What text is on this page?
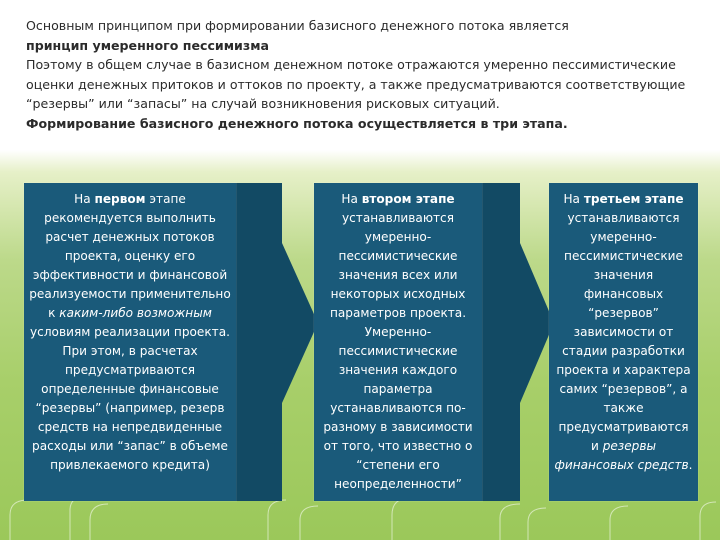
Основным принципом при формировании базисного денежного потока является

принцип умеренного пессимизма

Поэтому в общем случае в базисном денежном потоке отражаются умеренно пессимистические оценки денежных притоков и оттоков по проекту, а также предусматриваются соответствующие “резервы” или “запасы” на случай возникновения рисковых ситуаций.

Формирование базисного денежного потока осуществляется в три этапа.

На первом этапе рекомендуется выполнить расчет денежных потоков проекта, оценку его эффективности и финансовой реализуемости применительно к каким-либо возможным условиям реализации проекта. При этом, в расчетах предусматриваются определенные финансовые “резервы” (например, резерв средств на непредвиденные расходы или “запас” в объеме привлекаемого кредита)
На втором этапе устанавливаются умеренно-пессимистические значения всех или некоторых исходных параметров проекта. Умеренно-пессимистические значения каждого параметра устанавливаются по-разному в зависимости от того, что известно о “степени его неопределенности”
На третьем этапе устанавливаются умеренно-пессимистические значения финансовых “резервов” зависимости от стадии разработки проекта и характера самих “резервов”, а также предусматриваются и резервы финансовых средств.
